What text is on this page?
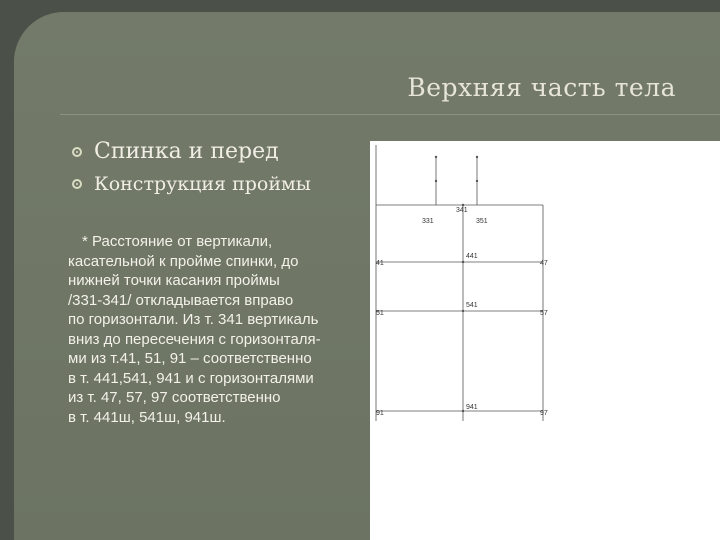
Верхняя часть тела
Спинка и перед
Конструкция проймы
* Расстояние от вертикали,
касательной к пройме спинки, до
нижней точки касания проймы
/331-341/ откладывается вправо
по горизонтали. Из т. 341 вертикаль
вниз до пересечения с горизонталя-
ми из т.41, 51, 91 – соответственно
в т. 441,541, 941 и с горизонталями
из т. 47, 57, 97 соответственно
в т. 441ш, 541ш, 941ш.
341
331	351
441
41	47
541
51	57
941
91	97
